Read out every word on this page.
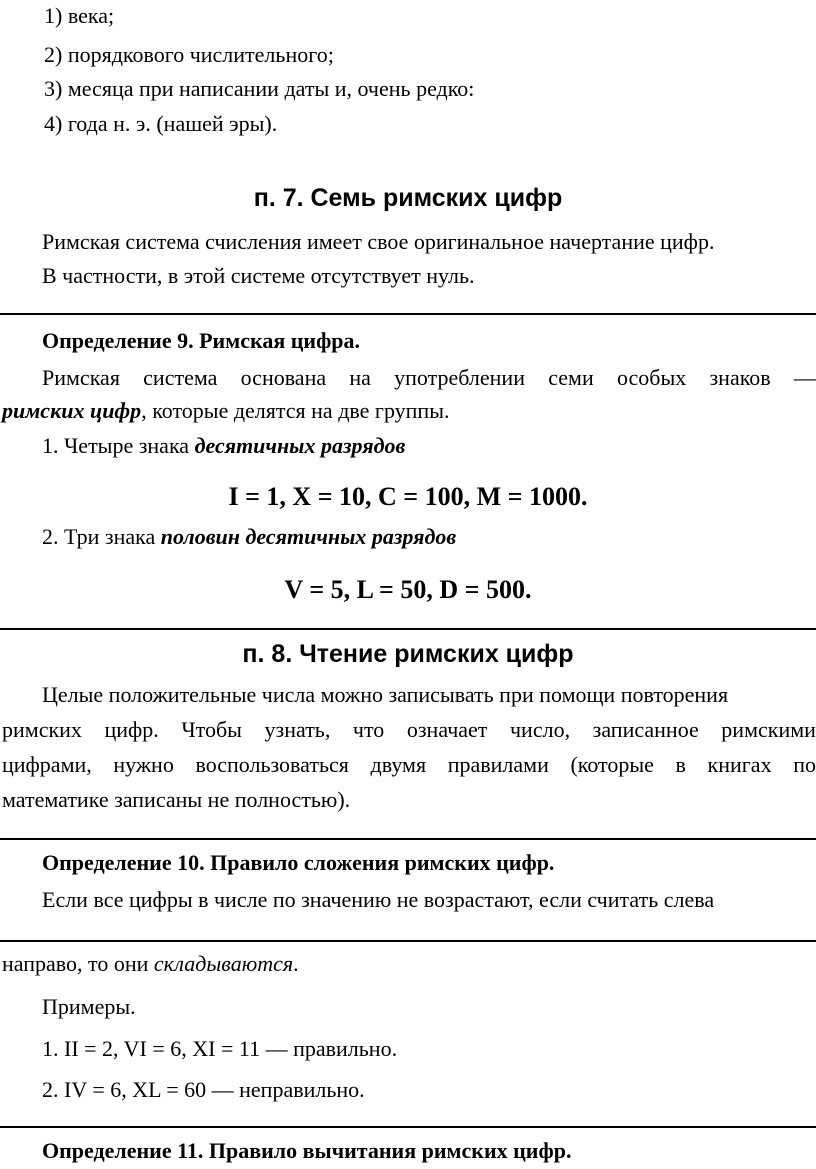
1) века;
2) порядкового числительного;
3) месяца при написании даты и, очень редко:
4) года н. э. (нашей эры).
п. 7. Семь римских цифр
Римская система счисления имеет свое оригинальное начертание цифр.
В частности, в этой системе отсутствует нуль.
Определение 9. Римская цифра.
Римская система основана на употреблении семи особых знаков —
римских цифр, которые делятся на две группы.
1. Четыре знака десятичных разрядов
I = 1, X = 10, C = 100, M = 1000.
2. Три знака половин десятичных разрядов
V = 5, L = 50, D = 500.
п. 8. Чтение римских цифр
Целые положительные числа можно записывать при помощи повторения
римских цифр. Чтобы узнать, что означает число, записанное римскими
цифрами, нужно воспользоваться двумя правилами (которые в книгах по
математике записаны не полностью).
Определение 10. Правило сложения римских цифр.
Если все цифры в числе по значению не возрастают, если считать слева
направо, то они складываются.
Примеры.
1. II = 2, VI = 6, XI = 11 — правильно.
2. IV = 6, XL = 60 — неправильно.
Определение 11. Правило вычитания римских цифр.
